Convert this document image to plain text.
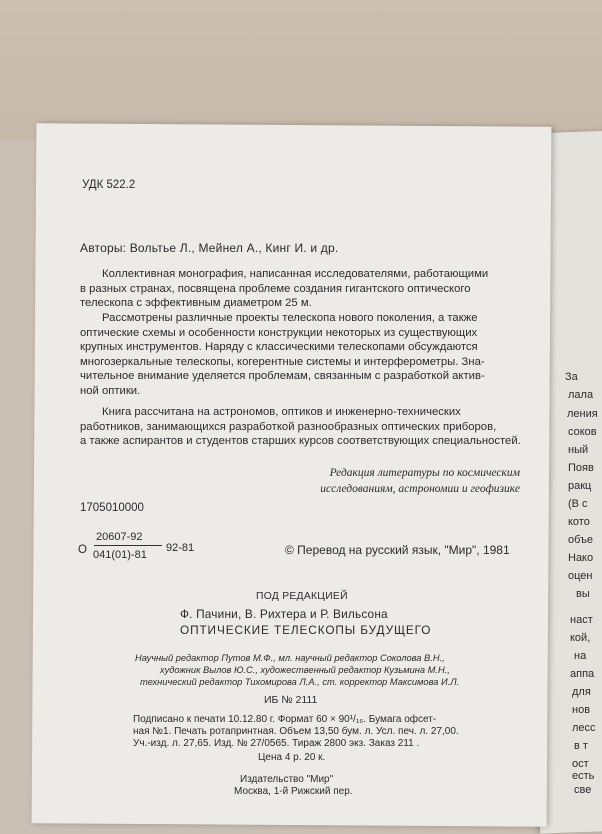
УДК 522.2
Авторы: Вольтье Л., Мейнел А., Кинг И. и др.
Коллективная монография, написанная исследователями, работающими
в разных странах, посвящена проблеме создания гигантского оптического
телескопа с эффективным диаметром 25 м.
Рассмотрены различные проекты телескопа нового поколения, а также
оптические схемы и особенности конструкции некоторых из существующих
крупных инструментов. Наряду с классическими телескопами обсуждаются
многозеркальные телескопы, когерентные системы и интерферометры. Зна-
чительное внимание уделяется проблемам, связанным с разработкой актив-
ной оптики.
Книга рассчитана на астрономов, оптиков и инженерно-технических
работников, занимающихся разработкой разнообразных оптических приборов,
а также аспирантов и студентов старших курсов соответствующих специальностей.
Редакция литературы по космическим
исследованиям, астрономии и геофизике
1705010000
О
20607-92
041(01)-81
92-81	© Перевод на русский язык, "Мир", 1981
ПОД РЕДАКЦИЕЙ
Ф. Пачини, В. Рихтера и Р. Вильсона
ОПТИЧЕСКИЕ ТЕЛЕСКОПЫ БУДУЩЕГО
Научный редактор Путов М.Ф., мл. научный редактор Соколова В.Н.,
художник Вылов Ю.С., художественный редактор Кузьмина М.Н.,
технический редактор Тихомирова Л.А., ст. корректор Максимова И.Л.
ИБ № 2111
Подписано к печати 10.12.80 г. Формат 60 × 90¹/₁₆. Бумага офсет-
ная №1. Печать ротапринтная. Объем 13,50 бум. л. Усл. печ. л. 27,00.
Уч.-изд. л. 27,65. Изд. № 27/0565. Тираж 2800 экз. Заказ 211 .
Цена 4 р. 20 к.
Издательство "Мир"
Москва, 1-й Рижский пер.
За
лала
ления
соков
ный
Появ
ракц
(В с
кото
объе
Нако
оцен
вы
наст
кой,
на
аппа
для
нов
лесс
в т
ост
есть
све
